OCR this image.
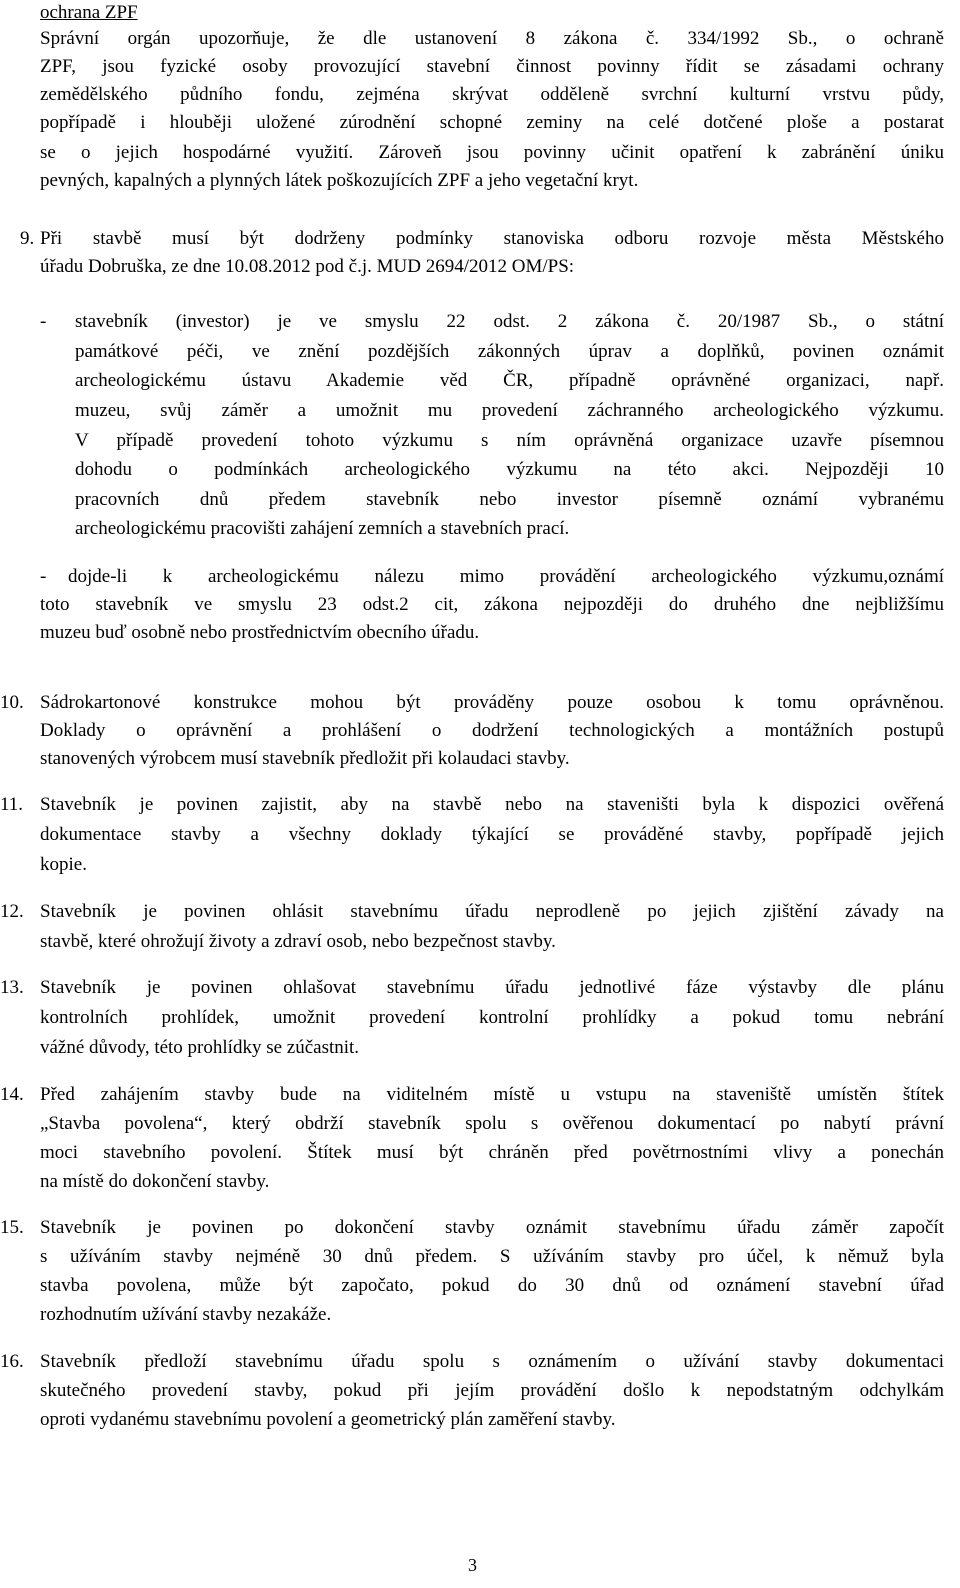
ochrana ZPF
Správní orgán upozorňuje, že dle ustanovení 8 zákona č. 334/1992 Sb., o ochraně
ZPF, jsou fyzické osoby provozující stavební činnost povinny řídit se zásadami ochrany
zemědělského půdního fondu, zejména skrývat odděleně svrchní kulturní vrstvu půdy,
popřípadě i hlouběji uložené zúrodnění schopné zeminy na celé dotčené ploše a postarat
se o jejich hospodárné využití. Zároveň jsou povinny učinit opatření k zabránění úniku
pevných, kapalných a plynných látek poškozujících ZPF a jeho vegetační kryt.
9. Při stavbě musí být dodrženy podmínky stanoviska odboru rozvoje města Městského
úřadu Dobruška, ze dne 10.08.2012 pod č.j. MUD 2694/2012 OM/PS:
- stavebník (investor) je ve smyslu 22 odst. 2 zákona č. 20/1987 Sb., o státní
památkové péči, ve znění pozdějších zákonných úprav a doplňků, povinen oznámit
archeologickému ústavu Akademie věd ČR, případně oprávněné organizaci, např.
muzeu, svůj záměr a umožnit mu provedení záchranného archeologického výzkumu.
V případě provedení tohoto výzkumu s ním oprávněná organizace uzavře písemnou
dohodu o podmínkách archeologického výzkumu na této akci. Nejpozději 10
pracovních dnů předem stavebník nebo investor písemně oznámí vybranému
archeologickému pracovišti zahájení zemních a stavebních prací.
- dojde-li k archeologickému nálezu mimo provádění archeologického výzkumu,oznámí
toto stavebník ve smyslu 23 odst.2 cit, zákona nejpozději do druhého dne nejbližšímu
muzeu buď osobně nebo prostřednictvím obecního úřadu.
10. Sádrokartonové konstrukce mohou být prováděny pouze osobou k tomu oprávněnou.
Doklady o oprávnění a prohlášení o dodržení technologických a montážních postupů
stanovených výrobcem musí stavebník předložit při kolaudaci stavby.
11. Stavebník je povinen zajistit, aby na stavbě nebo na staveništi byla k dispozici ověřená
dokumentace stavby a všechny doklady týkající se prováděné stavby, popřípadě jejich
kopie.
12. Stavebník je povinen ohlásit stavebnímu úřadu neprodleně po jejich zjištění závady na
stavbě, které ohrožují životy a zdraví osob, nebo bezpečnost stavby.
13. Stavebník je povinen ohlašovat stavebnímu úřadu jednotlivé fáze výstavby dle plánu
kontrolních prohlídek, umožnit provedení kontrolní prohlídky a pokud tomu nebrání
vážné důvody, této prohlídky se zúčastnit.
14. Před zahájením stavby bude na viditelném místě u vstupu na staveniště umístěn štítek
„Stavba povolena“, který obdrží stavebník spolu s ověřenou dokumentací po nabytí právní
moci stavebního povolení. Štítek musí být chráněn před povětrnostními vlivy a ponechán
na místě do dokončení stavby.
15. Stavebník je povinen po dokončení stavby oznámit stavebnímu úřadu záměr započít
s užíváním stavby nejméně 30 dnů předem. S užíváním stavby pro účel, k němuž byla
stavba povolena, může být započato, pokud do 30 dnů od oznámení stavební úřad
rozhodnutím užívání stavby nezakáže.
16. Stavebník předloží stavebnímu úřadu spolu s oznámením o užívání stavby dokumentaci
skutečného provedení stavby, pokud při jejím provádění došlo k nepodstatným odchylkám
oproti vydanému stavebnímu povolení a geometrický plán zaměření stavby.
3
